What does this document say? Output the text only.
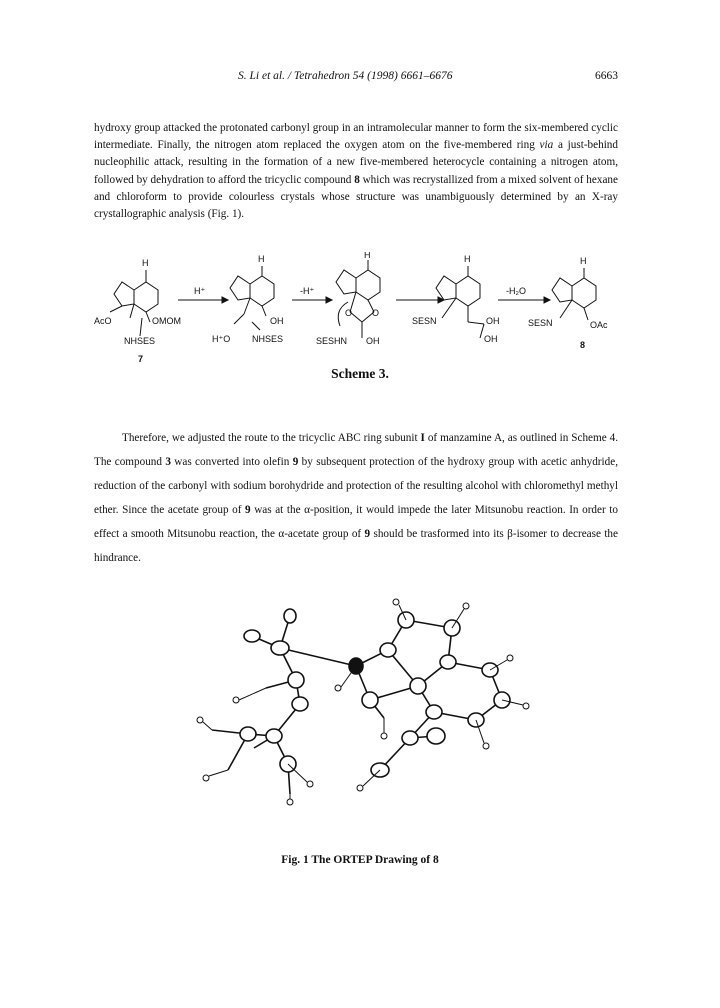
S. Li et al. / Tetrahedron 54 (1998) 6661–6676	6663

hydroxy group attacked the protonated carbonyl group in an intramolecular manner to form the six-membered cyclic intermediate. Finally, the nitrogen atom replaced the oxygen atom on the five-membered ring via a just-behind nucleophilic attack, resulting in the formation of a new five-membered heterocycle containing a nitrogen atom, followed by dehydration to afford the tricyclic compound 8 which was recrystallized from a mixed solvent of hexane and chloroform to provide colourless crystals whose structure was unambiguously determined by an X-ray crystallographic analysis (Fig. 1).

H
AcO	OMOM
NHSES
7
H⁺
H
OH
H⁺O NHSES
-H⁺
H
O O
SESHN OH
H
SESN	OH
OH
-H₂O
H
SESN	OAc
8
Scheme 3.

Therefore, we adjusted the route to the tricyclic ABC ring subunit I of manzamine A, as outlined in Scheme 4. The compound 3 was converted into olefin 9 by subsequent protection of the hydroxy group with acetic anhydride, reduction of the carbonyl with sodium borohydride and protection of the resulting alcohol with chloromethyl methyl ether. Since the acetate group of 9 was at the α-position, it would impede the later Mitsunobu reaction. In order to effect a smooth Mitsunobu reaction, the α-acetate group of 9 should be trasformed into its β-isomer to decrease the hindrance.

Fig. 1 The ORTEP Drawing of 8
